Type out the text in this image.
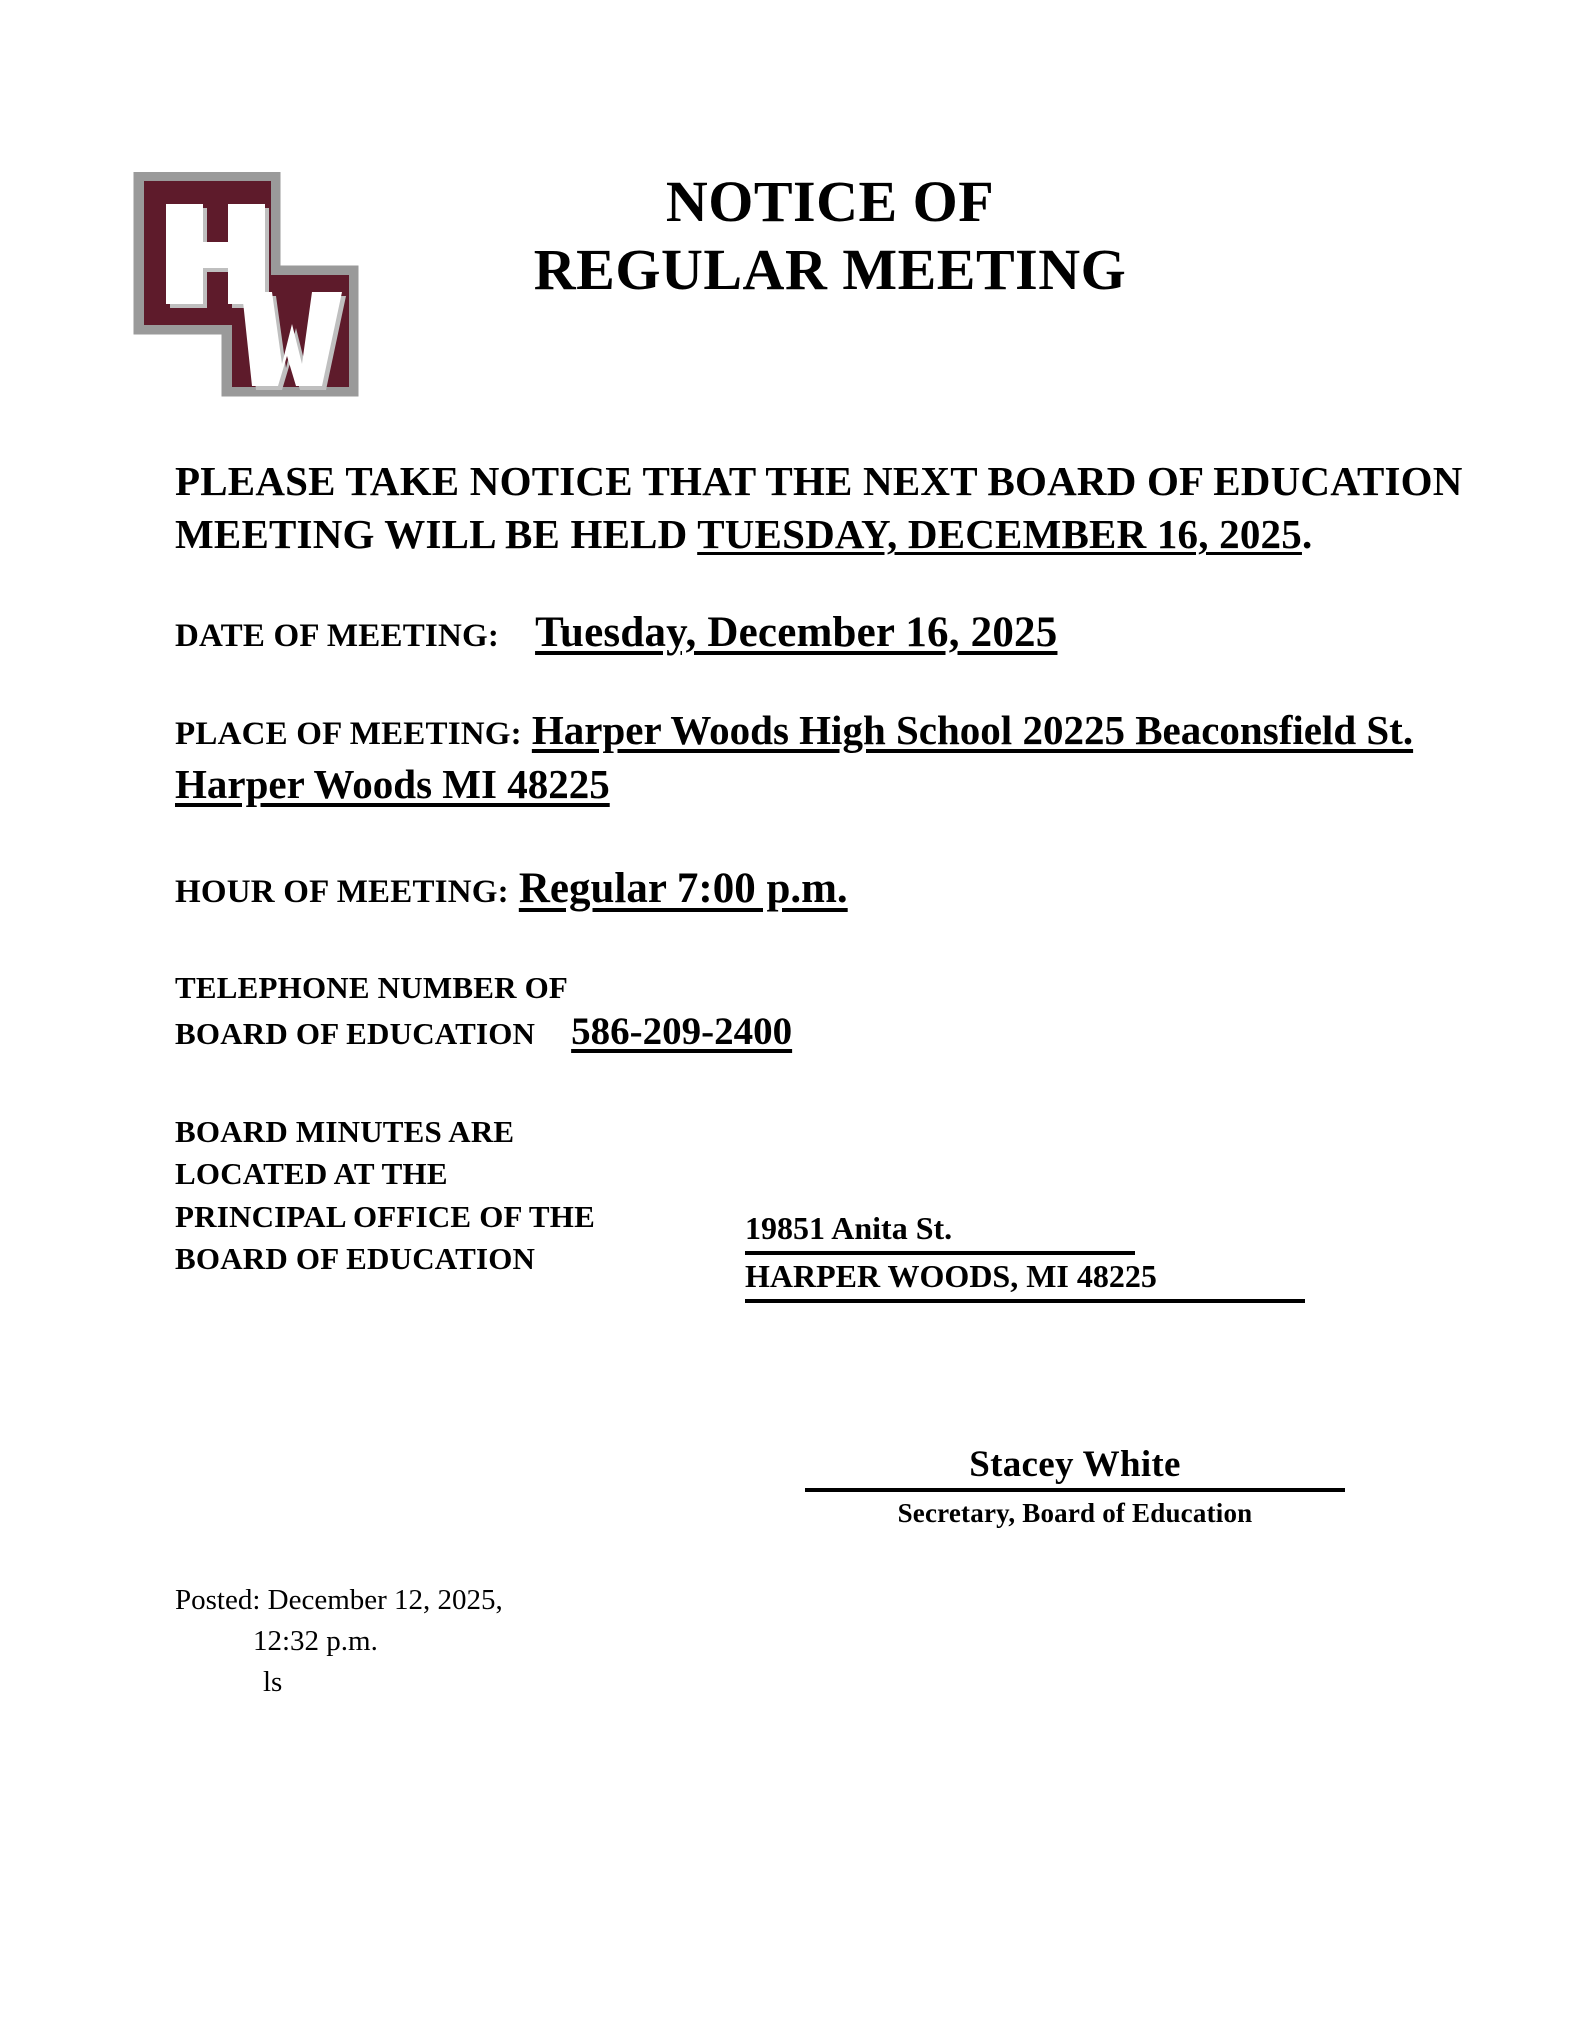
NOTICE OF
REGULAR MEETING

PLEASE TAKE NOTICE THAT THE NEXT BOARD OF EDUCATION MEETING WILL BE HELD TUESDAY, DECEMBER 16, 2025.

DATE OF MEETING: Tuesday, December 16, 2025
PLACE OF MEETING: Harper Woods High School 20225 Beaconsfield St. Harper Woods MI 48225
HOUR OF MEETING: Regular 7:00 p.m.
TELEPHONE NUMBER OF
BOARD OF EDUCATION 586-209-2400
BOARD MINUTES ARE
LOCATED AT THE
PRINCIPAL OFFICE OF THE
BOARD OF EDUCATION
19851 Anita St.
HARPER WOODS, MI 48225
Stacey White
Secretary, Board of Education
Posted: December 12, 2025,
12:32 p.m.
ls
